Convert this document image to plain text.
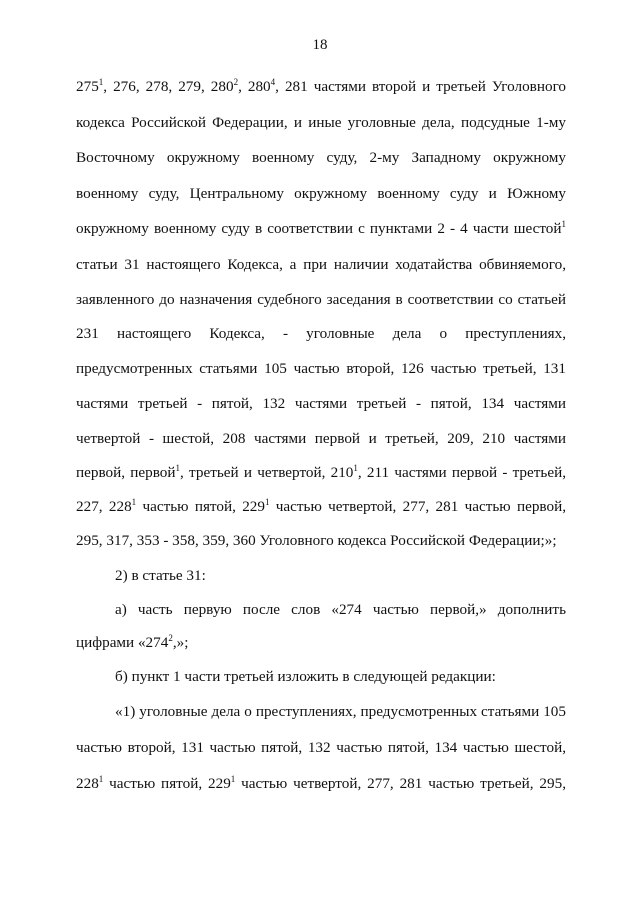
18
$275^1$, 276, 278, 279, $280^2$, $280^4$, 281 частями второй и третьей Уголовного
кодекса Российской Федерации, и иные уголовные дела, подсудные 1-му
Восточному окружному военному суду, 2-му Западному окружному
военному суду, Центральному окружному военному суду и Южному
окружному военному суду в соответствии с пунктами 2 - 4 части шестой$^1$
статьи 31 настоящего Кодекса, а при наличии ходатайства обвиняемого,
заявленного до назначения судебного заседания в соответствии со статьей
231 настоящего Кодекса, - уголовные дела о преступлениях,
предусмотренных статьями 105 частью второй, 126 частью третьей, 131
частями третьей - пятой, 132 частями третьей - пятой, 134 частями
четвертой - шестой, 208 частями первой и третьей, 209, 210 частями
первой, первой$^1$, третьей и четвертой, $210^1$, 211 частями первой - третьей,
227, $228^1$ частью пятой, $229^1$ частью четвертой, 277, 281 частью первой,
295, 317, 353 - 358, 359, 360 Уголовного кодекса Российской Федерации;»;
2) в статье 31:
а) часть первую после слов «274 частью первой,» дополнить
цифрами «$274^2$,»;
б) пункт 1 части третьей изложить в следующей редакции:
«1) уголовные дела о преступлениях, предусмотренных статьями 105
частью второй, 131 частью пятой, 132 частью пятой, 134 частью шестой,
$228^1$ частью пятой, $229^1$ частью четвертой, 277, 281 частью третьей, 295,
